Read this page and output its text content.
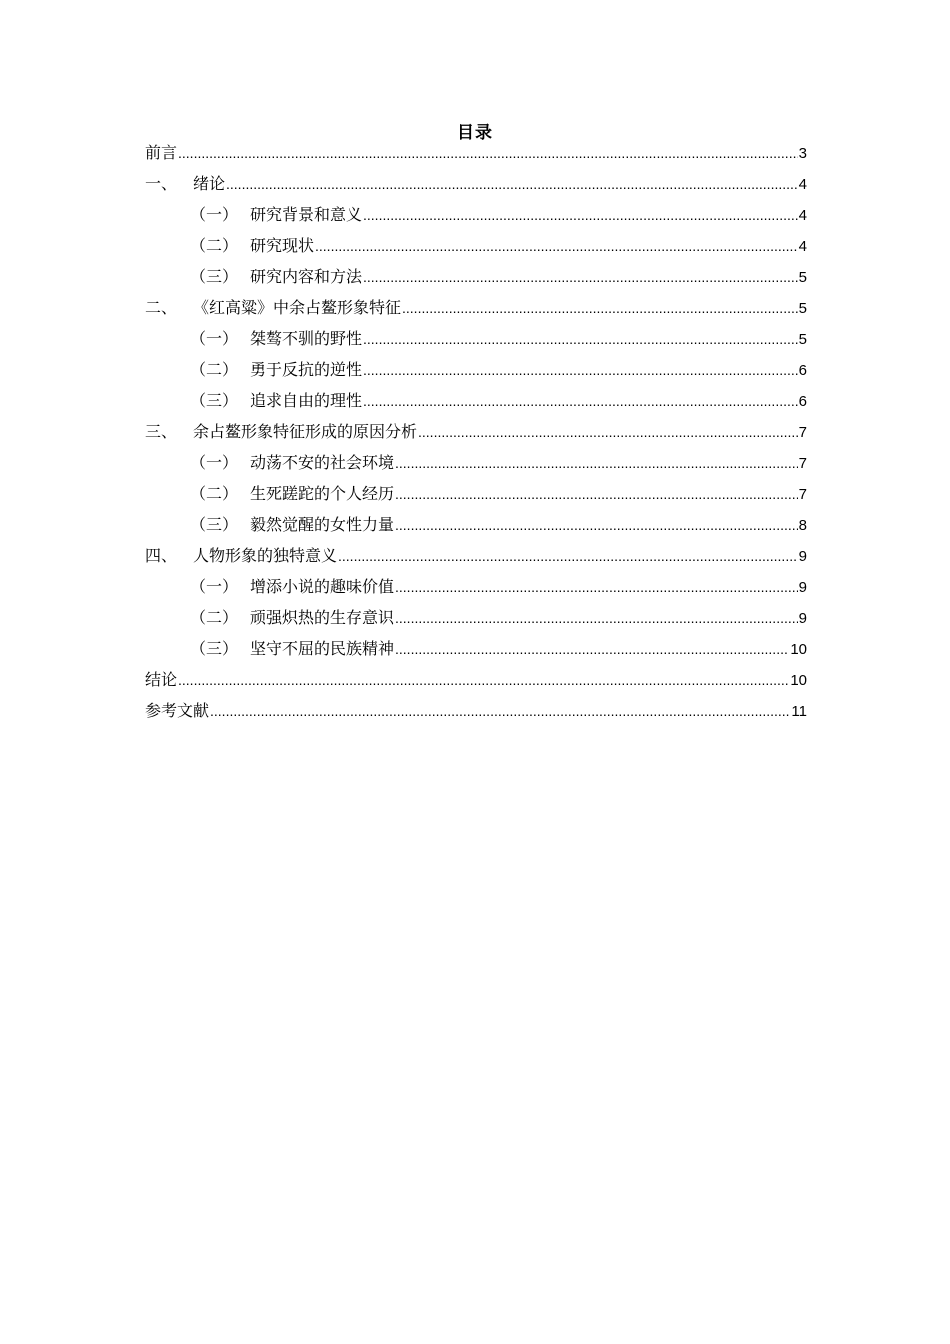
目录
前言 .....	3
一、 绪论 .....	4
（一） 研究背景和意义 .....	4
（二） 研究现状 .....	4
（三） 研究内容和方法 .....	5
二、 《红高粱》中余占鳌形象特征 .....	5
（一） 桀骜不驯的野性 .....	5
（二） 勇于反抗的逆性 .....	6
（三） 追求自由的理性 .....	6
三、 余占鳌形象特征形成的原因分析 .....	7
（一） 动荡不安的社会环境 .....	7
（二） 生死蹉跎的个人经历 .....	7
（三） 毅然觉醒的女性力量 .....	8
四、 人物形象的独特意义 .....	9
（一） 增添小说的趣味价值 .....	9
（二） 顽强炽热的生存意识 .....	9
（三） 坚守不屈的民族精神 .....	10
结论 .....	10
参考文献 .....	11
